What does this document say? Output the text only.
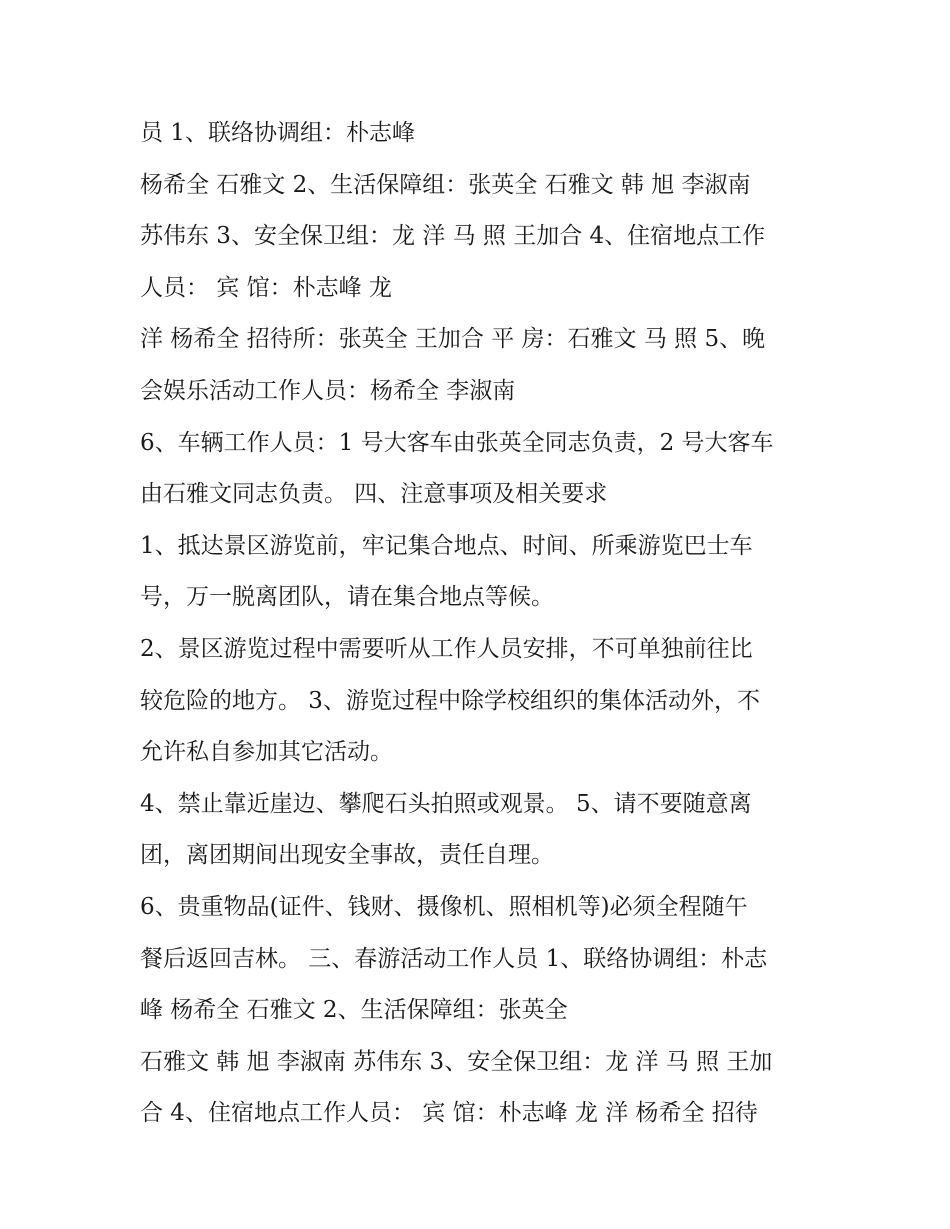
员 1、联络协调组：朴志峰
杨希全 石雅文 2、生活保障组：张英全 石雅文 韩 旭 李淑南
苏伟东 3、安全保卫组：龙 洋 马 照 王加合 4、住宿地点工作
人员： 宾 馆：朴志峰 龙
洋 杨希全 招待所：张英全 王加合 平 房：石雅文 马 照 5、晚
会娱乐活动工作人员：杨希全 李淑南
6、车辆工作人员：1 号大客车由张英全同志负责，2 号大客车
由石雅文同志负责。 四、注意事项及相关要求
1、抵达景区游览前，牢记集合地点、时间、所乘游览巴士车
号，万一脱离团队，请在集合地点等候。
2、景区游览过程中需要听从工作人员安排，不可单独前往比
较危险的地方。 3、游览过程中除学校组织的集体活动外，不
允许私自参加其它活动。
4、禁止靠近崖边、攀爬石头拍照或观景。 5、请不要随意离
团，离团期间出现安全事故，责任自理。
6、贵重物品(证件、钱财、摄像机、照相机等)必须全程随午
餐后返回吉林。 三、春游活动工作人员 1、联络协调组：朴志
峰 杨希全 石雅文 2、生活保障组：张英全
石雅文 韩 旭 李淑南 苏伟东 3、安全保卫组：龙 洋 马 照 王加
合 4、住宿地点工作人员： 宾 馆：朴志峰 龙 洋 杨希全 招待
